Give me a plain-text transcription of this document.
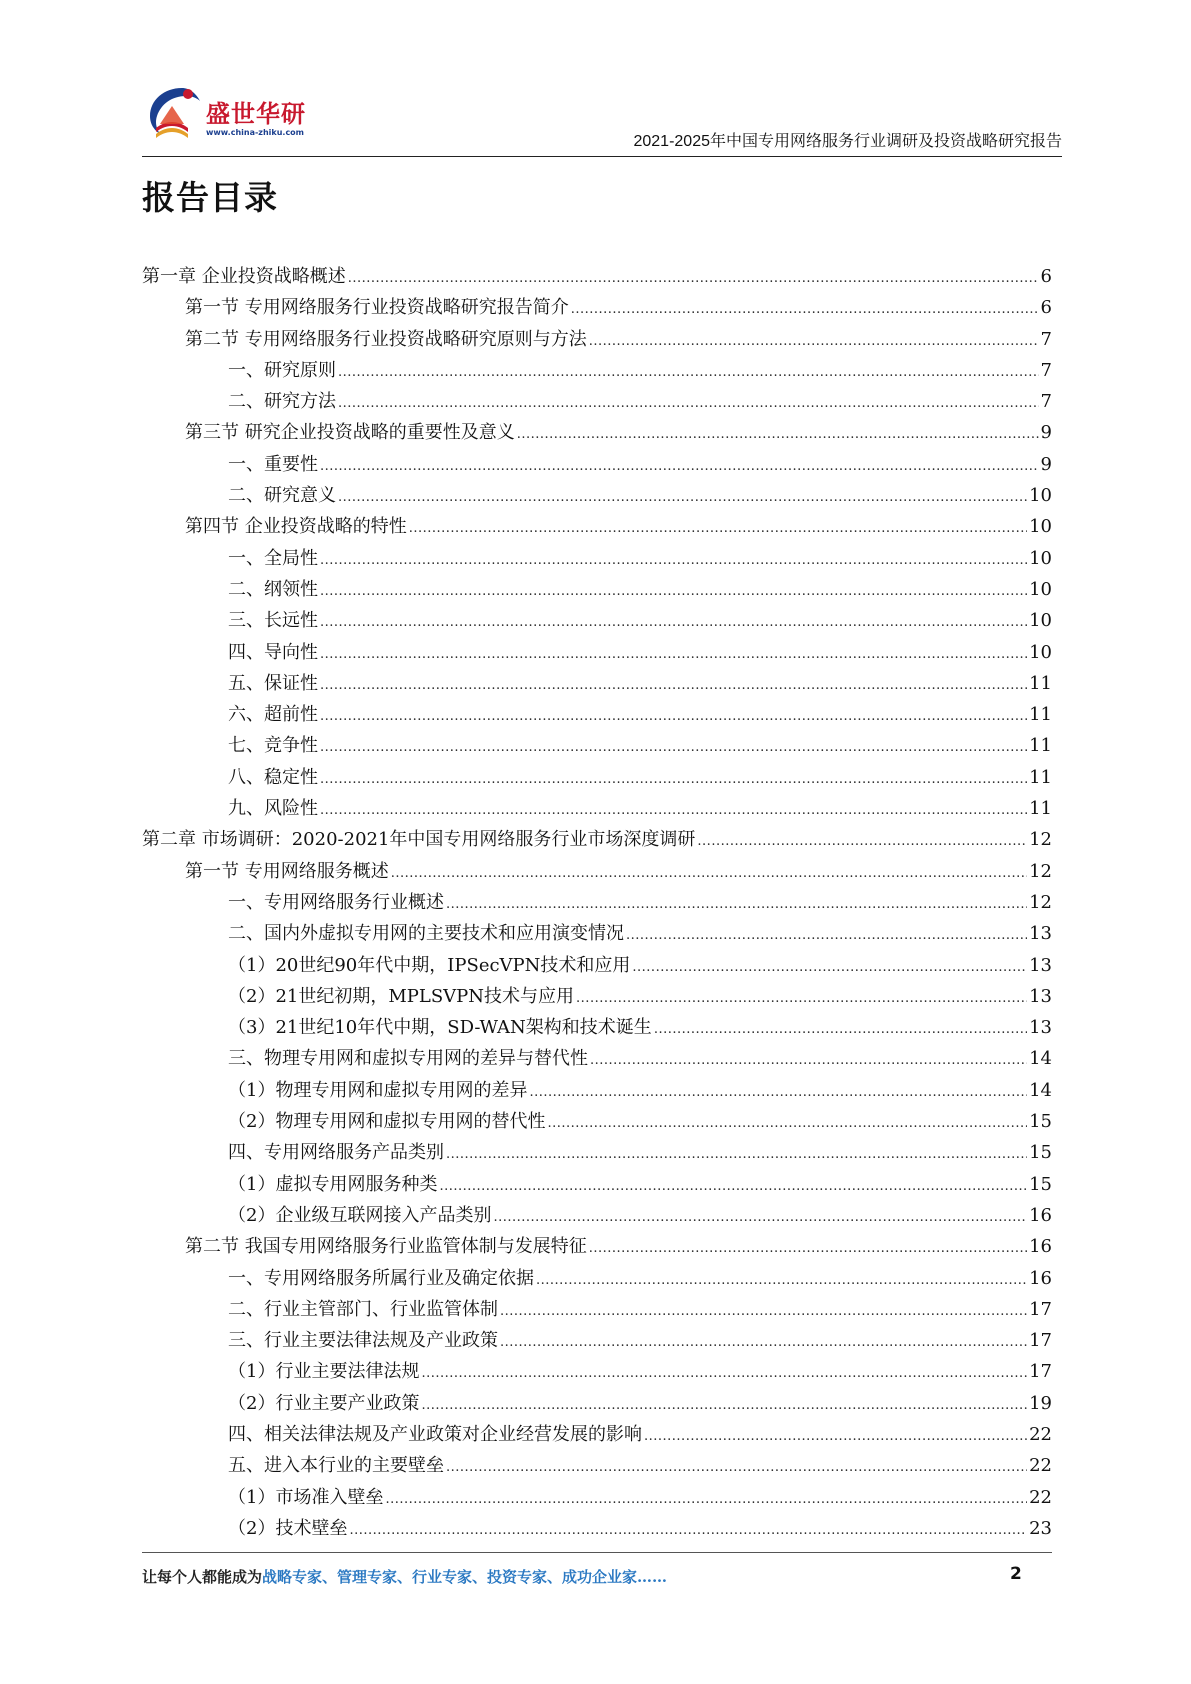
盛世华研
www.china-zhiku.com
2021-2025年中国专用网络服务行业调研及投资战略研究报告
报告目录
第一章 企业投资战略概述 .....	6
第一节 专用网络服务行业投资战略研究报告简介 .....	6
第二节 专用网络服务行业投资战略研究原则与方法 .....	7
一、研究原则 .....	7
二、研究方法 .....	7
第三节 研究企业投资战略的重要性及意义 .....	9
一、重要性 .....	9
二、研究意义 .....	10
第四节 企业投资战略的特性 .....	10
一、全局性 .....	10
二、纲领性 .....	10
三、长远性 .....	10
四、导向性 .....	10
五、保证性 .....	11
六、超前性 .....	11
七、竞争性 .....	11
八、稳定性 .....	11
九、风险性 .....	11
第二章 市场调研：2020-2021年中国专用网络服务行业市场深度调研 .....	12
第一节 专用网络服务概述 .....	12
一、专用网络服务行业概述 .....	12
二、国内外虚拟专用网的主要技术和应用演变情况 .....	13
（1）20世纪90年代中期，IPSecVPN技术和应用 .....	13
（2）21世纪初期，MPLSVPN技术与应用 .....	13
（3）21世纪10年代中期，SD-WAN架构和技术诞生 .....	13
三、物理专用网和虚拟专用网的差异与替代性 .....	14
（1）物理专用网和虚拟专用网的差异 .....	14
（2）物理专用网和虚拟专用网的替代性 .....	15
四、专用网络服务产品类别 .....	15
（1）虚拟专用网服务种类 .....	15
（2）企业级互联网接入产品类别 .....	16
第二节 我国专用网络服务行业监管体制与发展特征 .....	16
一、专用网络服务所属行业及确定依据 .....	16
二、行业主管部门、行业监管体制 .....	17
三、行业主要法律法规及产业政策 .....	17
（1）行业主要法律法规 .....	17
（2）行业主要产业政策 .....	19
四、相关法律法规及产业政策对企业经营发展的影响 .....	22
五、进入本行业的主要壁垒 .....	22
（1）市场准入壁垒 .....	22
（2）技术壁垒 .....	23
让每个人都能成为战略专家、管理专家、行业专家、投资专家、成功企业家……	2
